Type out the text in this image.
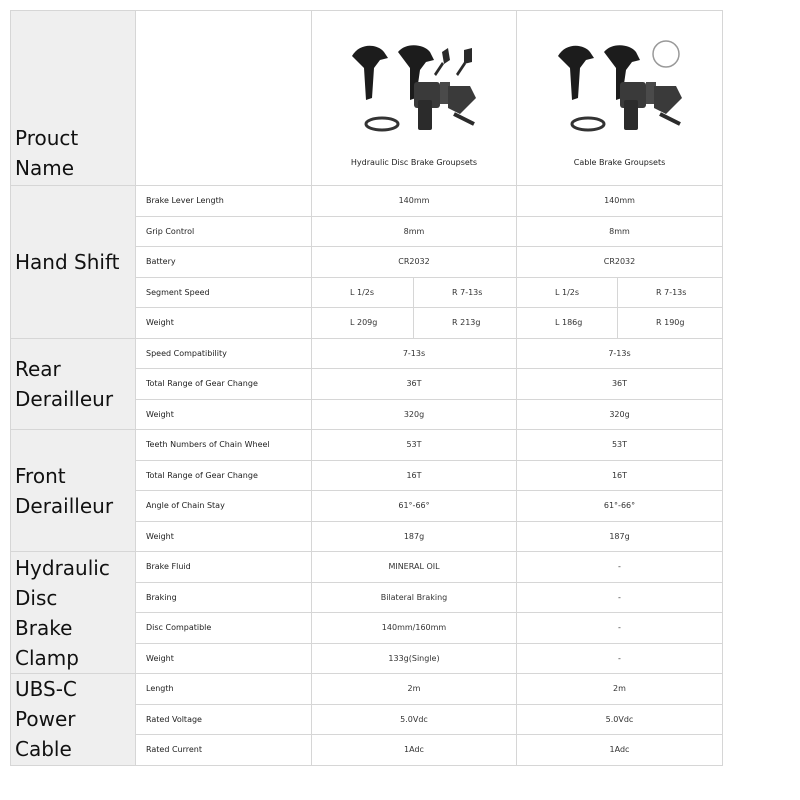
Prouct
Name		Hydraulic Disc Brake Groupsets		Cable Brake Groupsets	

Hand Shift	Brake Lever Length	140mm		140mm	
	Grip Control	8mm		8mm	
	Battery	CR2032		CR2032	
	Segment Speed	L 1/2s	R 7-13s	L 1/2s	R 7-13s
	Weight	L 209g	R 213g	L 186g	R 190g

Rear
Derailleur	Speed Compatibility	7-13s		7-13s	
	Total Range of Gear Change	36T		36T	
	Weight	320g		320g	

Front
Derailleur	Teeth Numbers of Chain Wheel	53T		53T	
	Total Range of Gear Change	16T		16T	
	Angle of Chain Stay	61°-66°		61°-66°	
	Weight	187g		187g	

Hydraulic
Disc
Brake
Clamp	Brake Fluid	MINERAL OIL		-	
	Braking	Bilateral Braking		-	
	Disc Compatible	140mm/160mm		-	
	Weight	133g(Single)		-	

UBS-C
Power Cable	Length	2m		2m	
	Rated Voltage	5.0Vdc		5.0Vdc	
	Rated Current	1Adc		1Adc	
